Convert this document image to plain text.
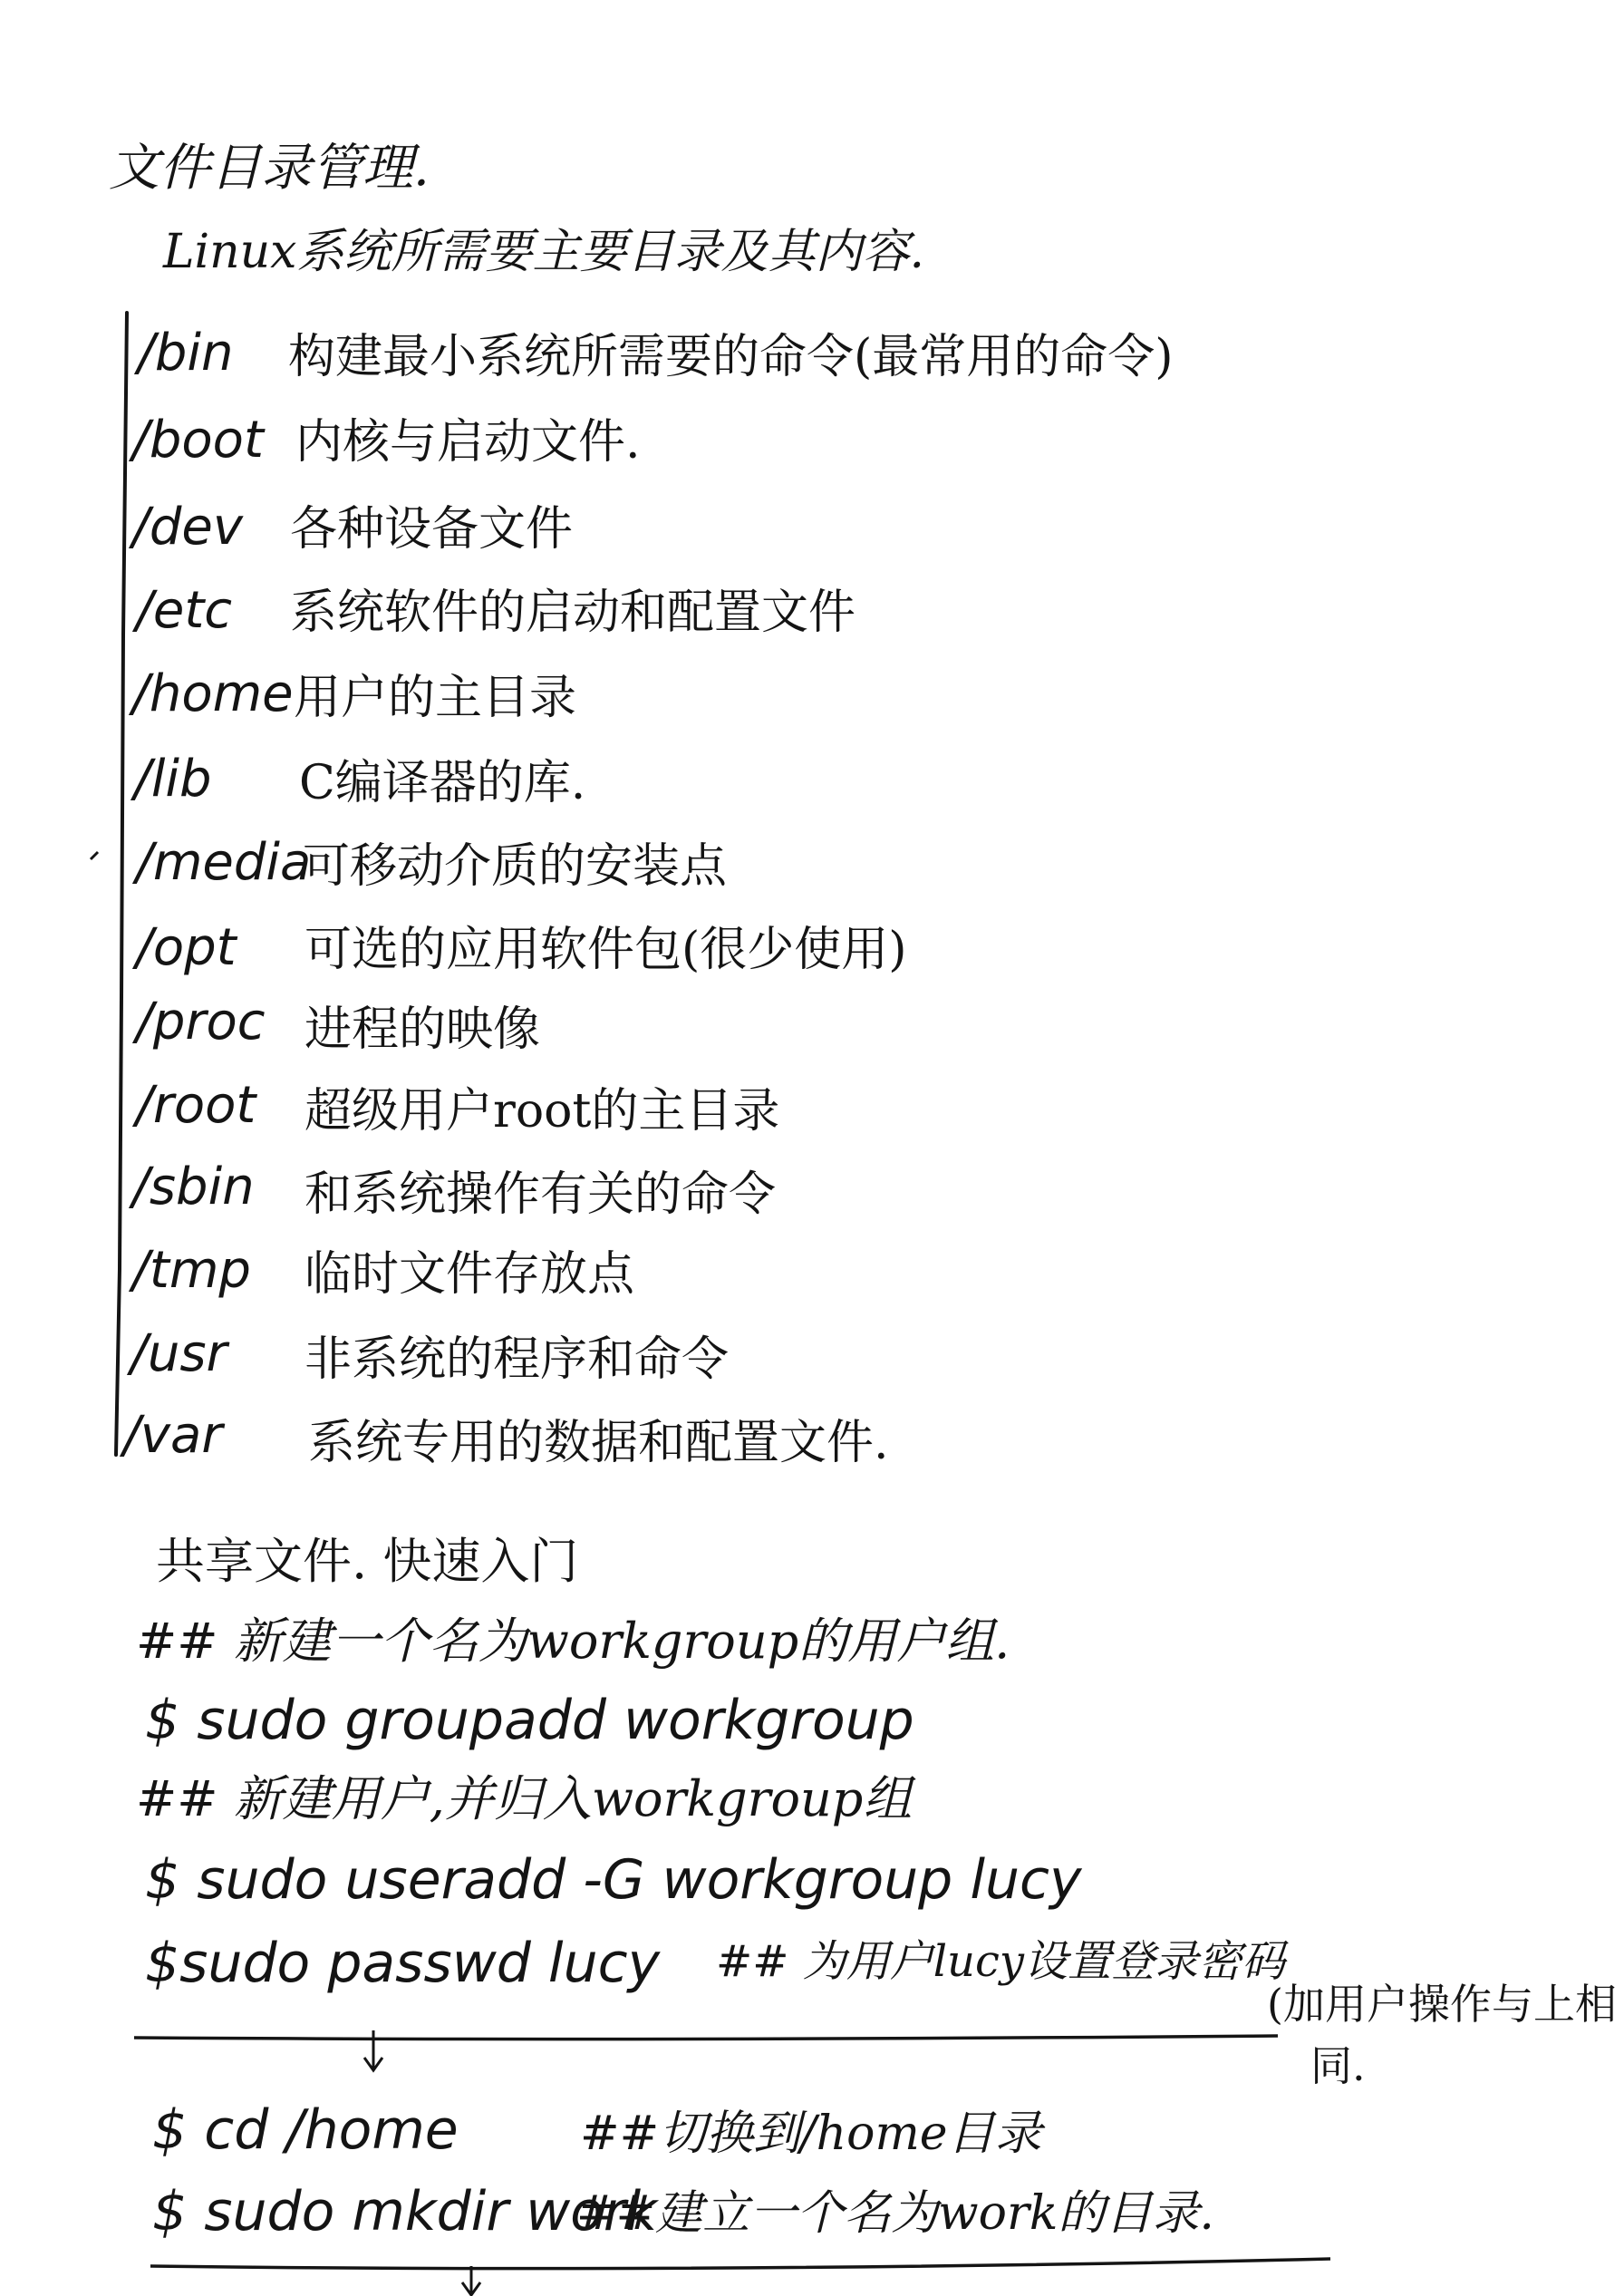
文件目录管理.
Linux系统所需要主要目录及其内容.
/bin 构建最小系统所需要的命令(最常用的命令)
/boot 内核与启动文件.
/dev 各种设备文件
/etc 系统软件的启动和配置文件
/home 用户的主目录
/lib C编译器的库.
/media
可移动介质的安装点
/opt 可选的应用软件包(很少使用)
/proc 进程的映像
/root 超级用户root的主目录
/sbin 和系统操作有关的命令
/tmp 临时文件存放点
/usr 非系统的程序和命令
/var 系统专用的数据和配置文件.
共享文件. 快速入门
## 新建一个名为workgroup的用户组.
$ sudo groupadd workgroup
## 新建用户,并归入workgroup组
$ sudo useradd -G workgroup lucy
$sudo passwd lucy ## 为用户lucy设置登录密码
(加用户操作与上相
同.
$ cd /home	##切换到/home目录
$ sudo mkdir work
##建立一个名为work的目录.
